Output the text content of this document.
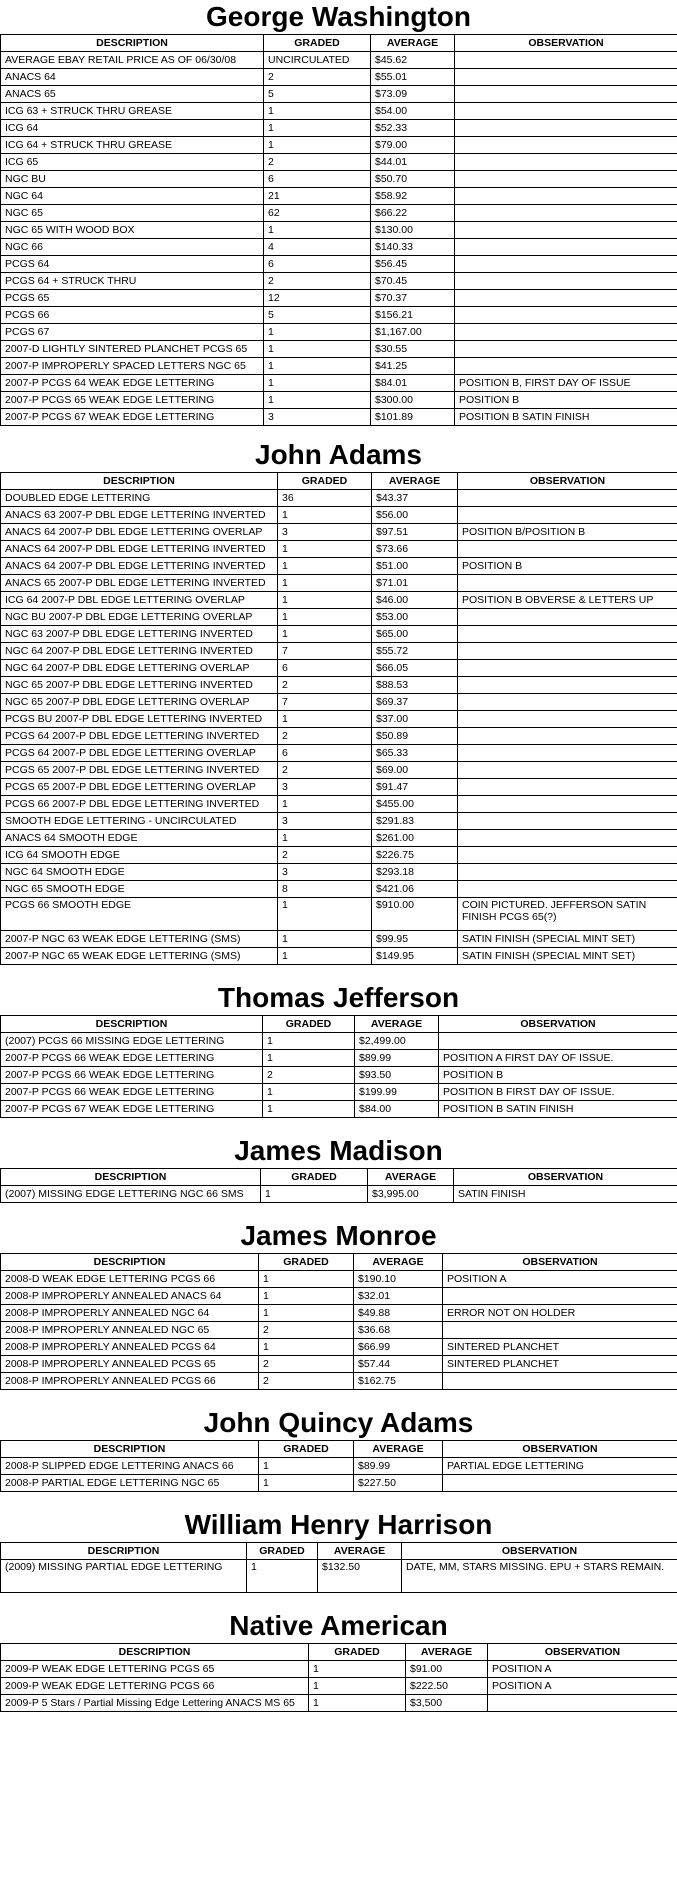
George Washington
DESCRIPTION	GRADED	AVERAGE	OBSERVATION
AVERAGE EBAY RETAIL PRICE AS OF 06/30/08	UNCIRCULATED	$45.62	
ANACS 64	2	$55.01	
ANACS 65	5	$73.09	
ICG 63 + STRUCK THRU GREASE	1	$54.00	
ICG 64	1	$52.33	
ICG 64 + STRUCK THRU GREASE	1	$79.00	
ICG 65	2	$44.01	
NGC BU	6	$50.70	
NGC 64	21	$58.92	
NGC 65	62	$66.22	
NGC 65 WITH WOOD BOX	1	$130.00	
NGC 66	4	$140.33	
PCGS 64	6	$56.45	
PCGS 64 + STRUCK THRU	2	$70.45	
PCGS 65	12	$70.37	
PCGS 66	5	$156.21	
PCGS 67	1	$1,167.00	
2007-D LIGHTLY SINTERED PLANCHET PCGS 65	1	$30.55	
2007-P IMPROPERLY SPACED LETTERS NGC 65	1	$41.25	
2007-P PCGS 64 WEAK EDGE LETTERING	1	$84.01	POSITION B, FIRST DAY OF ISSUE
2007-P PCGS 65 WEAK EDGE LETTERING	1	$300.00	POSITION B
2007-P PCGS 67 WEAK EDGE LETTERING	3	$101.89	POSITION B SATIN FINISH
John Adams
DESCRIPTION	GRADED	AVERAGE	OBSERVATION
DOUBLED EDGE LETTERING	36	$43.37	
ANACS 63 2007-P DBL EDGE LETTERING INVERTED	1	$56.00	
ANACS 64 2007-P DBL EDGE LETTERING OVERLAP	3	$97.51	POSITION B/POSITION B
ANACS 64 2007-P DBL EDGE LETTERING INVERTED	1	$73.66	
ANACS 64 2007-P DBL EDGE LETTERING INVERTED	1	$51.00	POSITION B
ANACS 65 2007-P DBL EDGE LETTERING INVERTED	1	$71.01	
ICG 64 2007-P DBL EDGE LETTERING OVERLAP	1	$46.00	POSITION B OBVERSE & LETTERS UP
NGC BU 2007-P DBL EDGE LETTERING OVERLAP	1	$53.00	
NGC 63 2007-P DBL EDGE LETTERING INVERTED	1	$65.00	
NGC 64 2007-P DBL EDGE LETTERING INVERTED	7	$55.72	
NGC 64 2007-P DBL EDGE LETTERING OVERLAP	6	$66.05	
NGC 65 2007-P DBL EDGE LETTERING INVERTED	2	$88.53	
NGC 65 2007-P DBL EDGE LETTERING OVERLAP	7	$69.37	
PCGS BU 2007-P DBL EDGE LETTERING INVERTED	1	$37.00	
PCGS 64 2007-P DBL EDGE LETTERING INVERTED	2	$50.89	
PCGS 64 2007-P DBL EDGE LETTERING OVERLAP	6	$65.33	
PCGS 65 2007-P DBL EDGE LETTERING INVERTED	2	$69.00	
PCGS 65 2007-P DBL EDGE LETTERING OVERLAP	3	$91.47	
PCGS 66 2007-P DBL EDGE LETTERING INVERTED	1	$455.00	
SMOOTH EDGE LETTERING - UNCIRCULATED	3	$291.83	
ANACS 64 SMOOTH EDGE	1	$261.00	
ICG 64 SMOOTH EDGE	2	$226.75	
NGC 64 SMOOTH EDGE	3	$293.18	
NGC 65 SMOOTH EDGE	8	$421.06	
PCGS 66 SMOOTH EDGE	1	$910.00	COIN PICTURED. JEFFERSON SATIN FINISH PCGS 65(?)
2007-P NGC 63 WEAK EDGE LETTERING (SMS)	1	$99.95	SATIN FINISH (SPECIAL MINT SET)
2007-P NGC 65 WEAK EDGE LETTERING (SMS)	1	$149.95	SATIN FINISH (SPECIAL MINT SET)
Thomas Jefferson
DESCRIPTION	GRADED	AVERAGE	OBSERVATION
(2007) PCGS 66 MISSING EDGE LETTERING	1	$2,499.00	
2007-P PCGS 66 WEAK EDGE LETTERING	1	$89.99	POSITION A FIRST DAY OF ISSUE.
2007-P PCGS 66 WEAK EDGE LETTERING	2	$93.50	POSITION B
2007-P PCGS 66 WEAK EDGE LETTERING	1	$199.99	POSITION B FIRST DAY OF ISSUE.
2007-P PCGS 67 WEAK EDGE LETTERING	1	$84.00	POSITION B SATIN FINISH
James Madison
DESCRIPTION	GRADED	AVERAGE	OBSERVATION
(2007) MISSING EDGE LETTERING NGC 66 SMS	1	$3,995.00	SATIN FINISH
James Monroe
DESCRIPTION	GRADED	AVERAGE	OBSERVATION
2008-D WEAK EDGE LETTERING PCGS 66	1	$190.10	POSITION A
2008-P IMPROPERLY ANNEALED ANACS 64	1	$32.01	
2008-P IMPROPERLY ANNEALED NGC 64	1	$49.88	ERROR NOT ON HOLDER
2008-P IMPROPERLY ANNEALED NGC 65	2	$36.68	
2008-P IMPROPERLY ANNEALED PCGS 64	1	$66.99	SINTERED PLANCHET
2008-P IMPROPERLY ANNEALED PCGS 65	2	$57.44	SINTERED PLANCHET
2008-P IMPROPERLY ANNEALED PCGS 66	2	$162.75	
John Quincy Adams
DESCRIPTION	GRADED	AVERAGE	OBSERVATION
2008-P SLIPPED EDGE LETTERING ANACS 66	1	$89.99	PARTIAL EDGE LETTERING
2008-P PARTIAL EDGE LETTERING NGC 65	1	$227.50	
William Henry Harrison
DESCRIPTION	GRADED	AVERAGE	OBSERVATION
(2009) MISSING PARTIAL EDGE LETTERING	1	$132.50	DATE, MM, STARS MISSING. EPU + STARS REMAIN.
Native American
DESCRIPTION	GRADED	AVERAGE	OBSERVATION
2009-P WEAK EDGE LETTERING PCGS 65	1	$91.00	POSITION A
2009-P WEAK EDGE LETTERING PCGS 66	1	$222.50	POSITION A
2009-P 5 Stars / Partial Missing Edge Lettering ANACS MS 65	1	$3,500	
